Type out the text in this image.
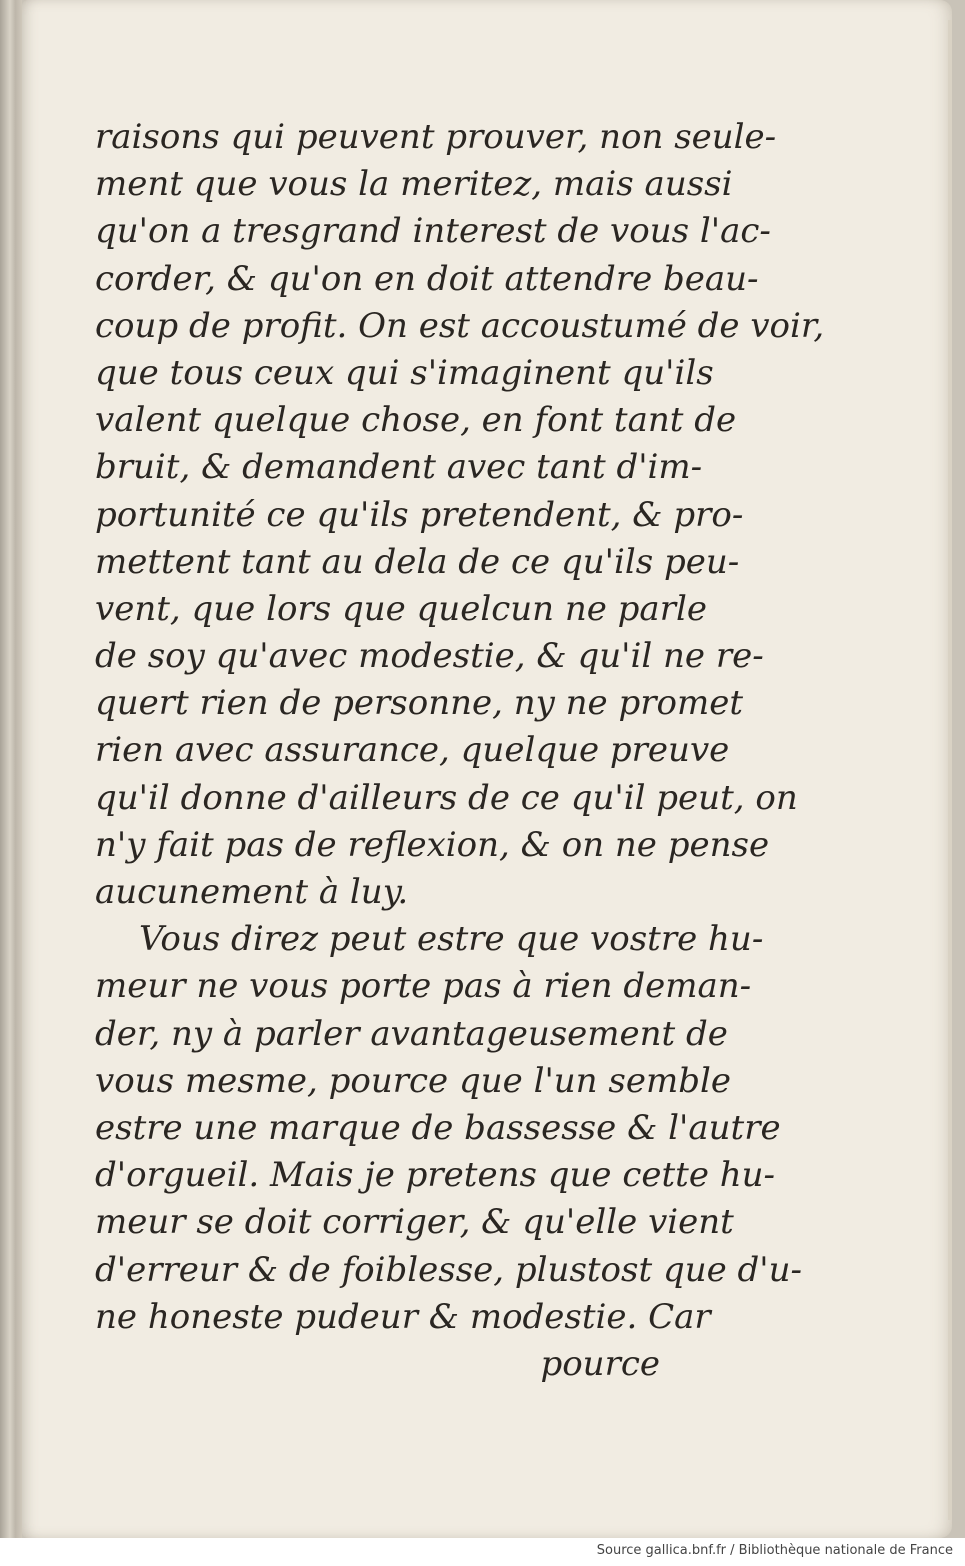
raisons qui peuvent prouver, non seule-
ment que vous la meritez, mais aussi
qu'on a tresgrand interest de vous l'ac-
corder, & qu'on en doit attendre beau-
coup de profit. On est accoustumé de voir,
que tous ceux qui s'imaginent qu'ils
valent quelque chose, en font tant de
bruit, & demandent avec tant d'im-
portunité ce qu'ils pretendent, & pro-
mettent tant au dela de ce qu'ils peu-
vent, que lors que quelcun ne parle
de soy qu'avec modestie, & qu'il ne re-
quert rien de personne, ny ne promet
rien avec assurance, quelque preuve
qu'il donne d'ailleurs de ce qu'il peut, on
n'y fait pas de reflexion, & on ne pense
aucunement à luy.
Vous direz peut estre que vostre hu-
meur ne vous porte pas à rien deman-
der, ny à parler avantageusement de
vous mesme, pource que l'un semble
estre une marque de bassesse & l'autre
d'orgueil. Mais je pretens que cette hu-
meur se doit corriger, & qu'elle vient
d'erreur & de foiblesse, plustost que d'u-
ne honeste pudeur & modestie. Car
pource
Source gallica.bnf.fr / Bibliothèque nationale de France
